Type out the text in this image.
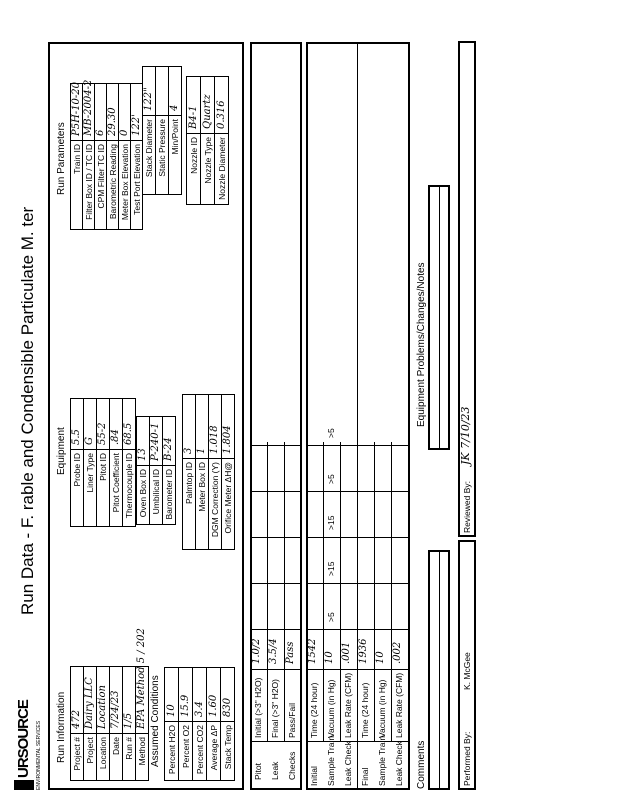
URSOURCE ENVIRONMENTAL SERVICES
Run Data - F. rable and Condensible Particulate M. ter
Run Information Project #
472
Project
Dairy LLC
Location
Location
Date
7/24/23
Run #
1/5
Method
EPA Method 5 / 202 Assumed Conditions Percent H2O
10
Percent O2
15.9
Percent CO2
3.4
Average ΔP
1.60
Stack Temp
830
Equipment Probe ID
5.5
Liner Type
G
Pitot ID
55-2
Pitot Coefficient
.84
Thermocouple ID
68.5
Oven Box ID
13
Umbilical ID
P-240-1
Barometer ID
B-24
Palmtop ID
3
Meter Box ID
1
DGM Correction (Y)
1.018
Orifice Meter ΔH@
1.804
Run Parameters Train ID
P5H-10-20
Filter Box ID / TC ID
MB-2004-2
CPM Filter TC ID
6
Barometric Reading
29.30
Meter Box Elevation
0
Test Port Elevation
122' Stack Diameter
122"
Static Pressure Min/Point
4
Nozzle ID
B4-1
Nozzle Type
Quartz
Nozzle Diameter
0.316
Pitot
Initial (>3" H2O)
1.0/2
Leak
Final (>3" H2O)
3.5/4
Checks
Pass/Fail
Pass
Initial
Time (24 hour)
1542
Sample Train
Vacuum (in Hg)
10
Leak Check
Leak Rate (CFM)
.001
Final
Time (24 hour)
1936
Sample Train
Vacuum (in Hg)
10
Leak Check
Leak Rate (CFM)
.002
>5
>15
>15
>5
>5
Comments
Equipment Problems/Changes/Notes
Performed By:
K. McGee
Reviewed By:
JK 7/10/23
